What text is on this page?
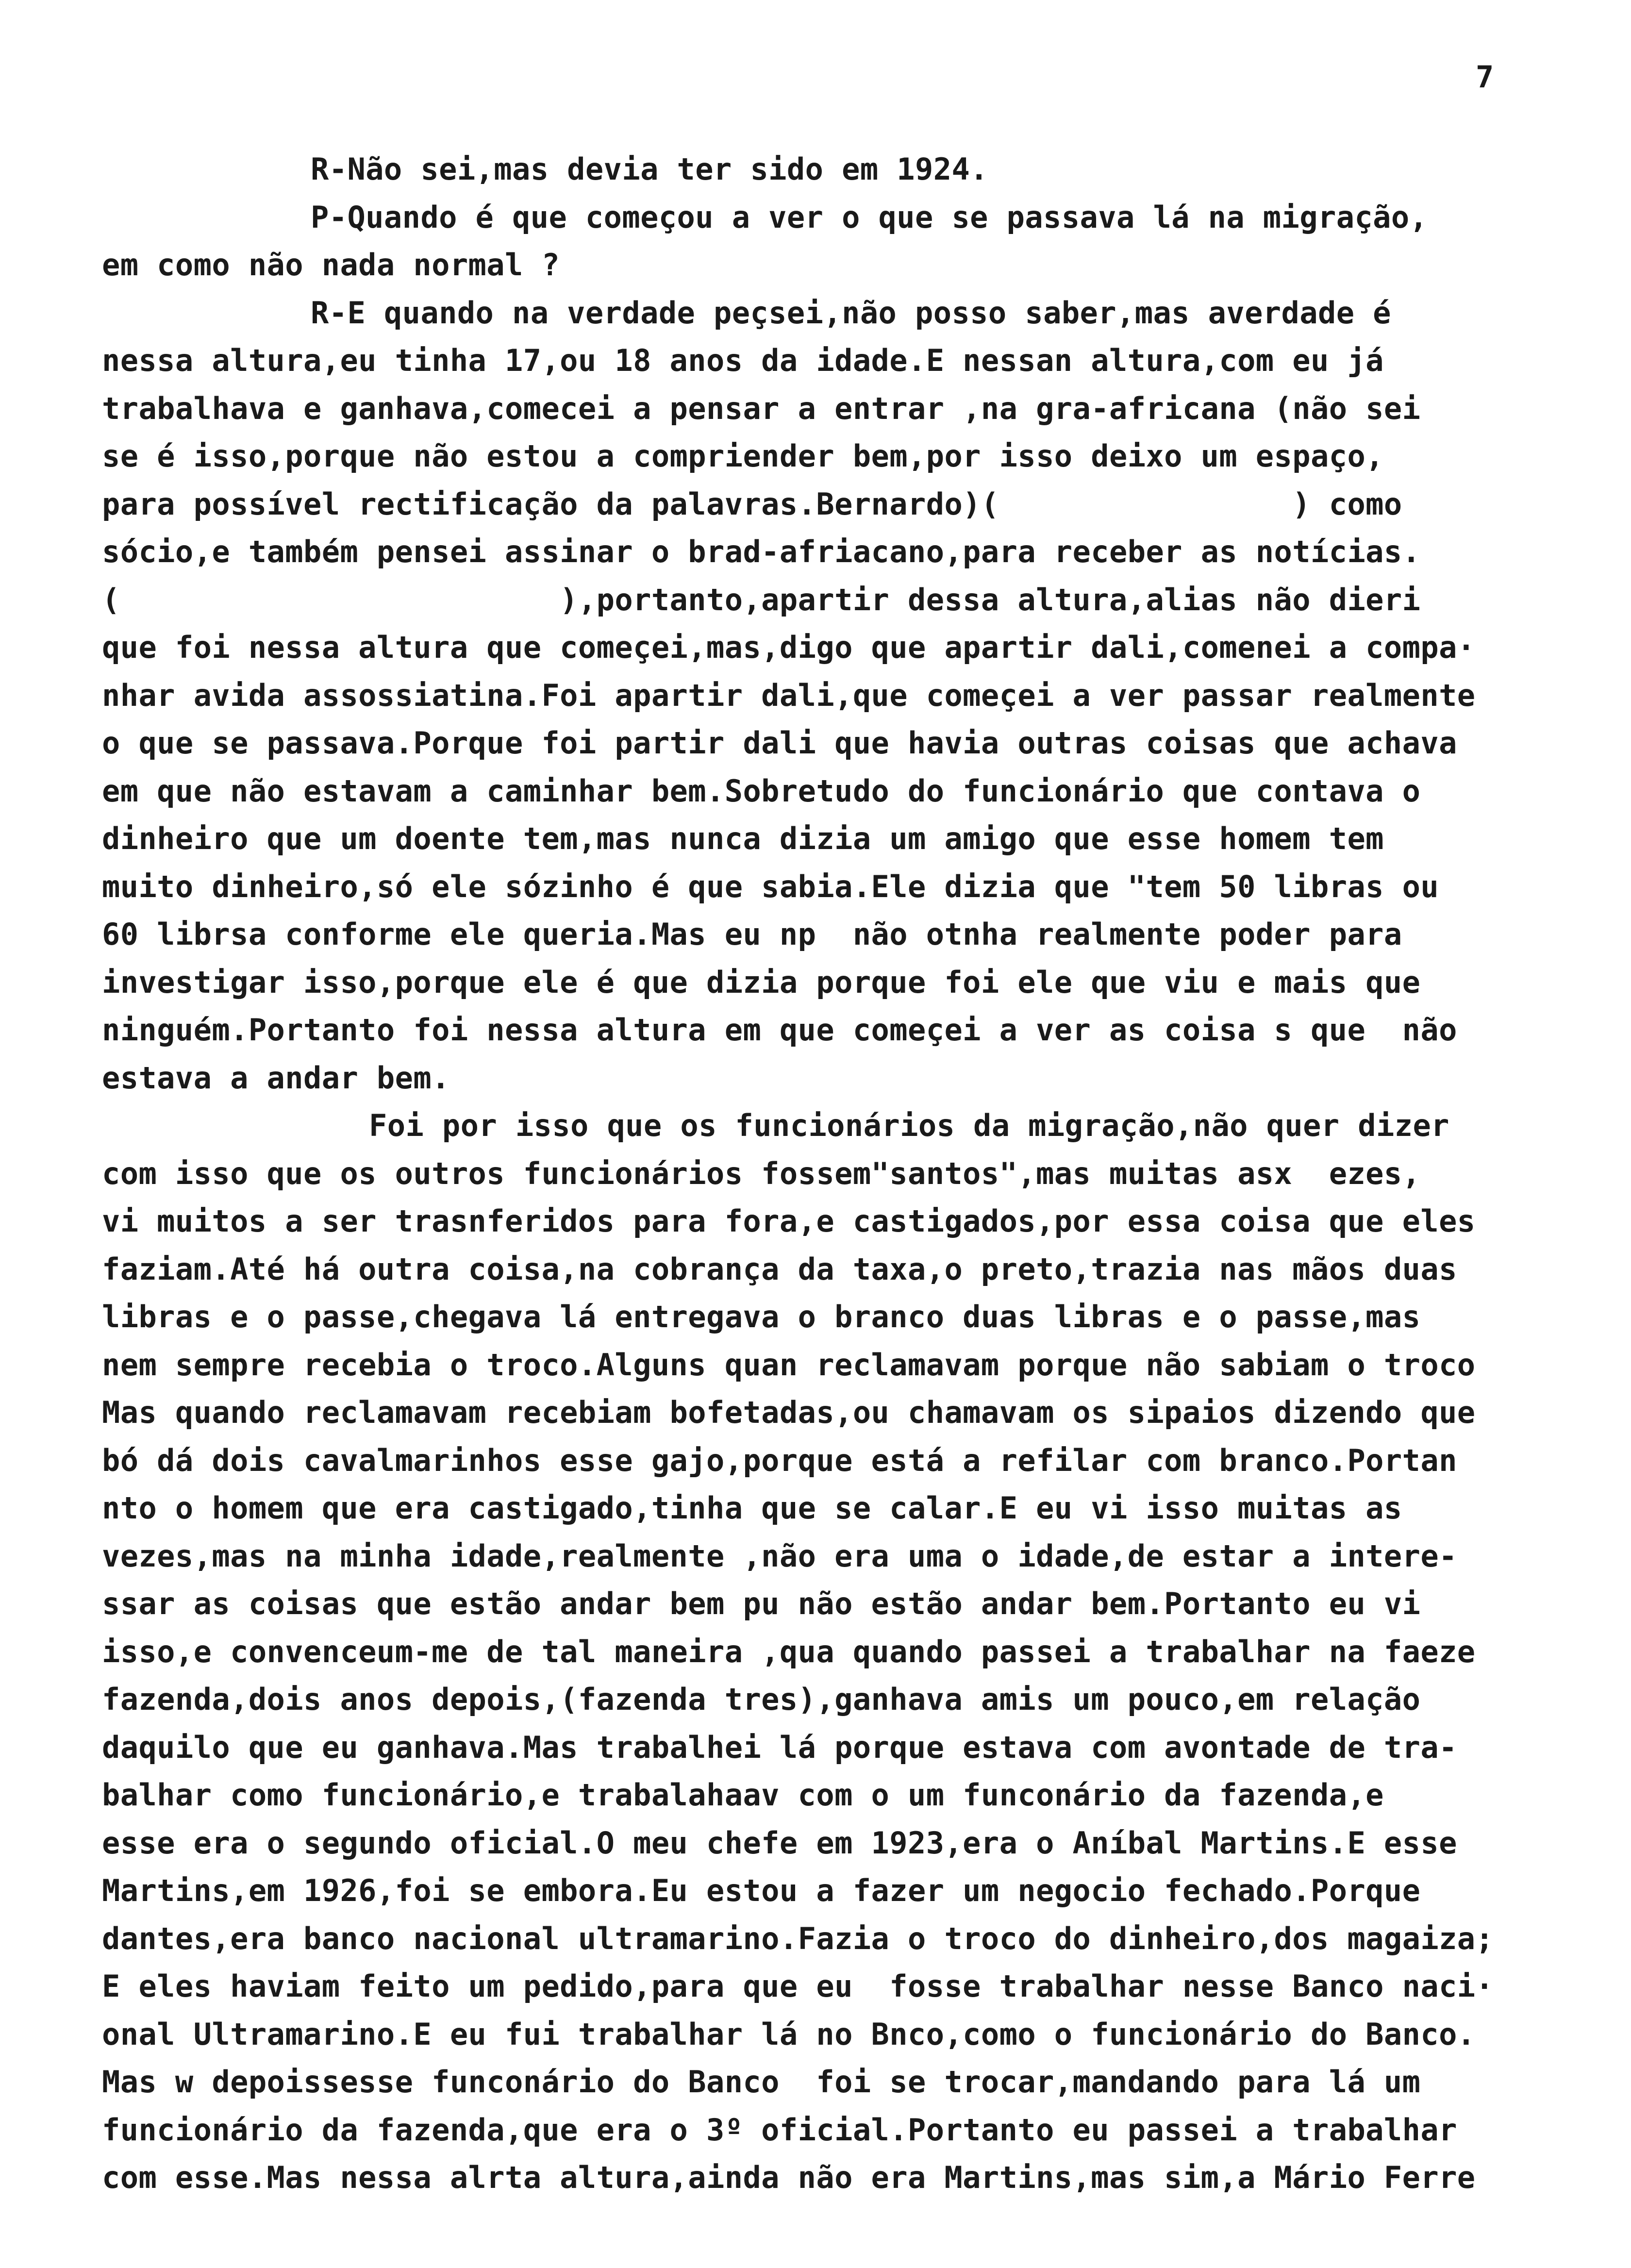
7
R-Não sei,mas devia ter sido em 1924.
P-Quando é que começou a ver o que se passava lá na migração,
em como não nada normal ?
R-E quando na verdade peçsei,não posso saber,mas averdade é
nessa altura,eu tinha 17,ou 18 anos da idade.E nessan altura,com eu já
trabalhava e ganhava,comecei a pensar a entrar ,na gra-africana (não sei
se é isso,porque não estou a compriender bem,por isso deixo um espaço,
para possível rectificação da palavras.Bernardo)(                ) como
sócio,e também pensei assinar o brad-afriacano,para receber as notícias.
(                        ),portanto,apartir dessa altura,alias não dieri
que foi nessa altura que começei,mas,digo que apartir dali,comenei a compa·
nhar avida assossiatina.Foi apartir dali,que começei a ver passar realmente
o que se passava.Porque foi partir dali que havia outras coisas que achava
em que não estavam a caminhar bem.Sobretudo do funcionário que contava o
dinheiro que um doente tem,mas nunca dizia um amigo que esse homem tem
muito dinheiro,só ele sózinho é que sabia.Ele dizia que "tem 50 libras ou
60 librsa conforme ele queria.Mas eu np  não otnha realmente poder para
investigar isso,porque ele é que dizia porque foi ele que viu e mais que
ninguém.Portanto foi nessa altura em que começei a ver as coisa s que  não
estava a andar bem.
Foi por isso que os funcionários da migração,não quer dizer
com isso que os outros funcionários fossem"santos",mas muitas asx  ezes,
vi muitos a ser trasnferidos para fora,e castigados,por essa coisa que eles
faziam.Até há outra coisa,na cobrança da taxa,o preto,trazia nas mãos duas
libras e o passe,chegava lá entregava o branco duas libras e o passe,mas
nem sempre recebia o troco.Alguns quan reclamavam porque não sabiam o troco
Mas quando reclamavam recebiam bofetadas,ou chamavam os sipaios dizendo que
bó dá dois cavalmarinhos esse gajo,porque está a refilar com branco.Portan
nto o homem que era castigado,tinha que se calar.E eu vi isso muitas as
vezes,mas na minha idade,realmente ,não era uma o idade,de estar a intere-
ssar as coisas que estão andar bem pu não estão andar bem.Portanto eu vi
isso,e convenceum-me de tal maneira ,qua quando passei a trabalhar na faeze
fazenda,dois anos depois,(fazenda tres),ganhava amis um pouco,em relação
daquilo que eu ganhava.Mas trabalhei lá porque estava com avontade de tra-
balhar como funcionário,e trabalahaav com o um funconário da fazenda,e
esse era o segundo oficial.O meu chefe em 1923,era o Aníbal Martins.E esse
Martins,em 1926,foi se embora.Eu estou a fazer um negocio fechado.Porque
dantes,era banco nacional ultramarino.Fazia o troco do dinheiro,dos magaiza;
E eles haviam feito um pedido,para que eu  fosse trabalhar nesse Banco naci·
onal Ultramarino.E eu fui trabalhar lá no Bnco,como o funcionário do Banco.
Mas w depoissesse funconário do Banco  foi se trocar,mandando para lá um
funcionário da fazenda,que era o 3º oficial.Portanto eu passei a trabalhar
com esse.Mas nessa alrta altura,ainda não era Martins,mas sim,a Mário Ferre
